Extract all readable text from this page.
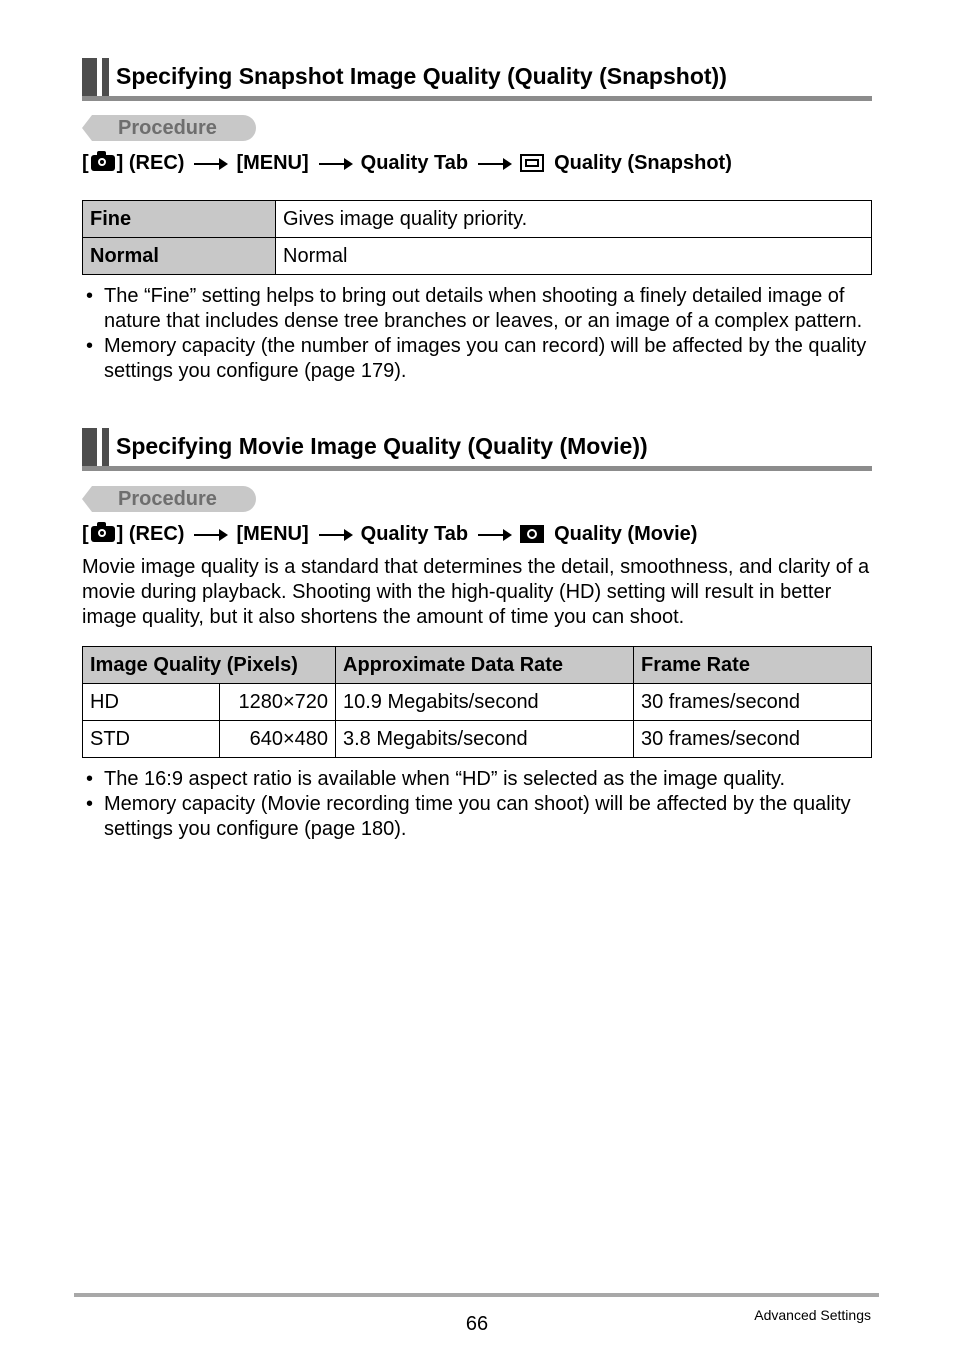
Specifying Snapshot Image Quality (Quality (Snapshot))
Procedure
[ ] (REC)	[MENU]	Quality Tab	Quality (Snapshot)
Fine	Gives image quality priority.
Normal	Normal
• The “Fine” setting helps to bring out details when shooting a finely detailed image of nature that includes dense tree branches or leaves, or an image of a complex pattern.
• Memory capacity (the number of images you can record) will be affected by the quality settings you configure (page 179).
Specifying Movie Image Quality (Quality (Movie))
Procedure
[ ] (REC)	[MENU]	Quality Tab	Quality (Movie)

Movie image quality is a standard that determines the detail, smoothness, and clarity of a movie during playback. Shooting with the high-quality (HD) setting will result in better image quality, but it also shortens the amount of time you can shoot.

Image Quality (Pixels)		Approximate Data Rate	Frame Rate
HD	1280×720	10.9 Megabits/second	30 frames/second
STD	640×480	3.8 Megabits/second	30 frames/second
• The 16:9 aspect ratio is available when “HD” is selected as the image quality.
• Memory capacity (Movie recording time you can shoot) will be affected by the quality settings you configure (page 180).
66	Advanced Settings
